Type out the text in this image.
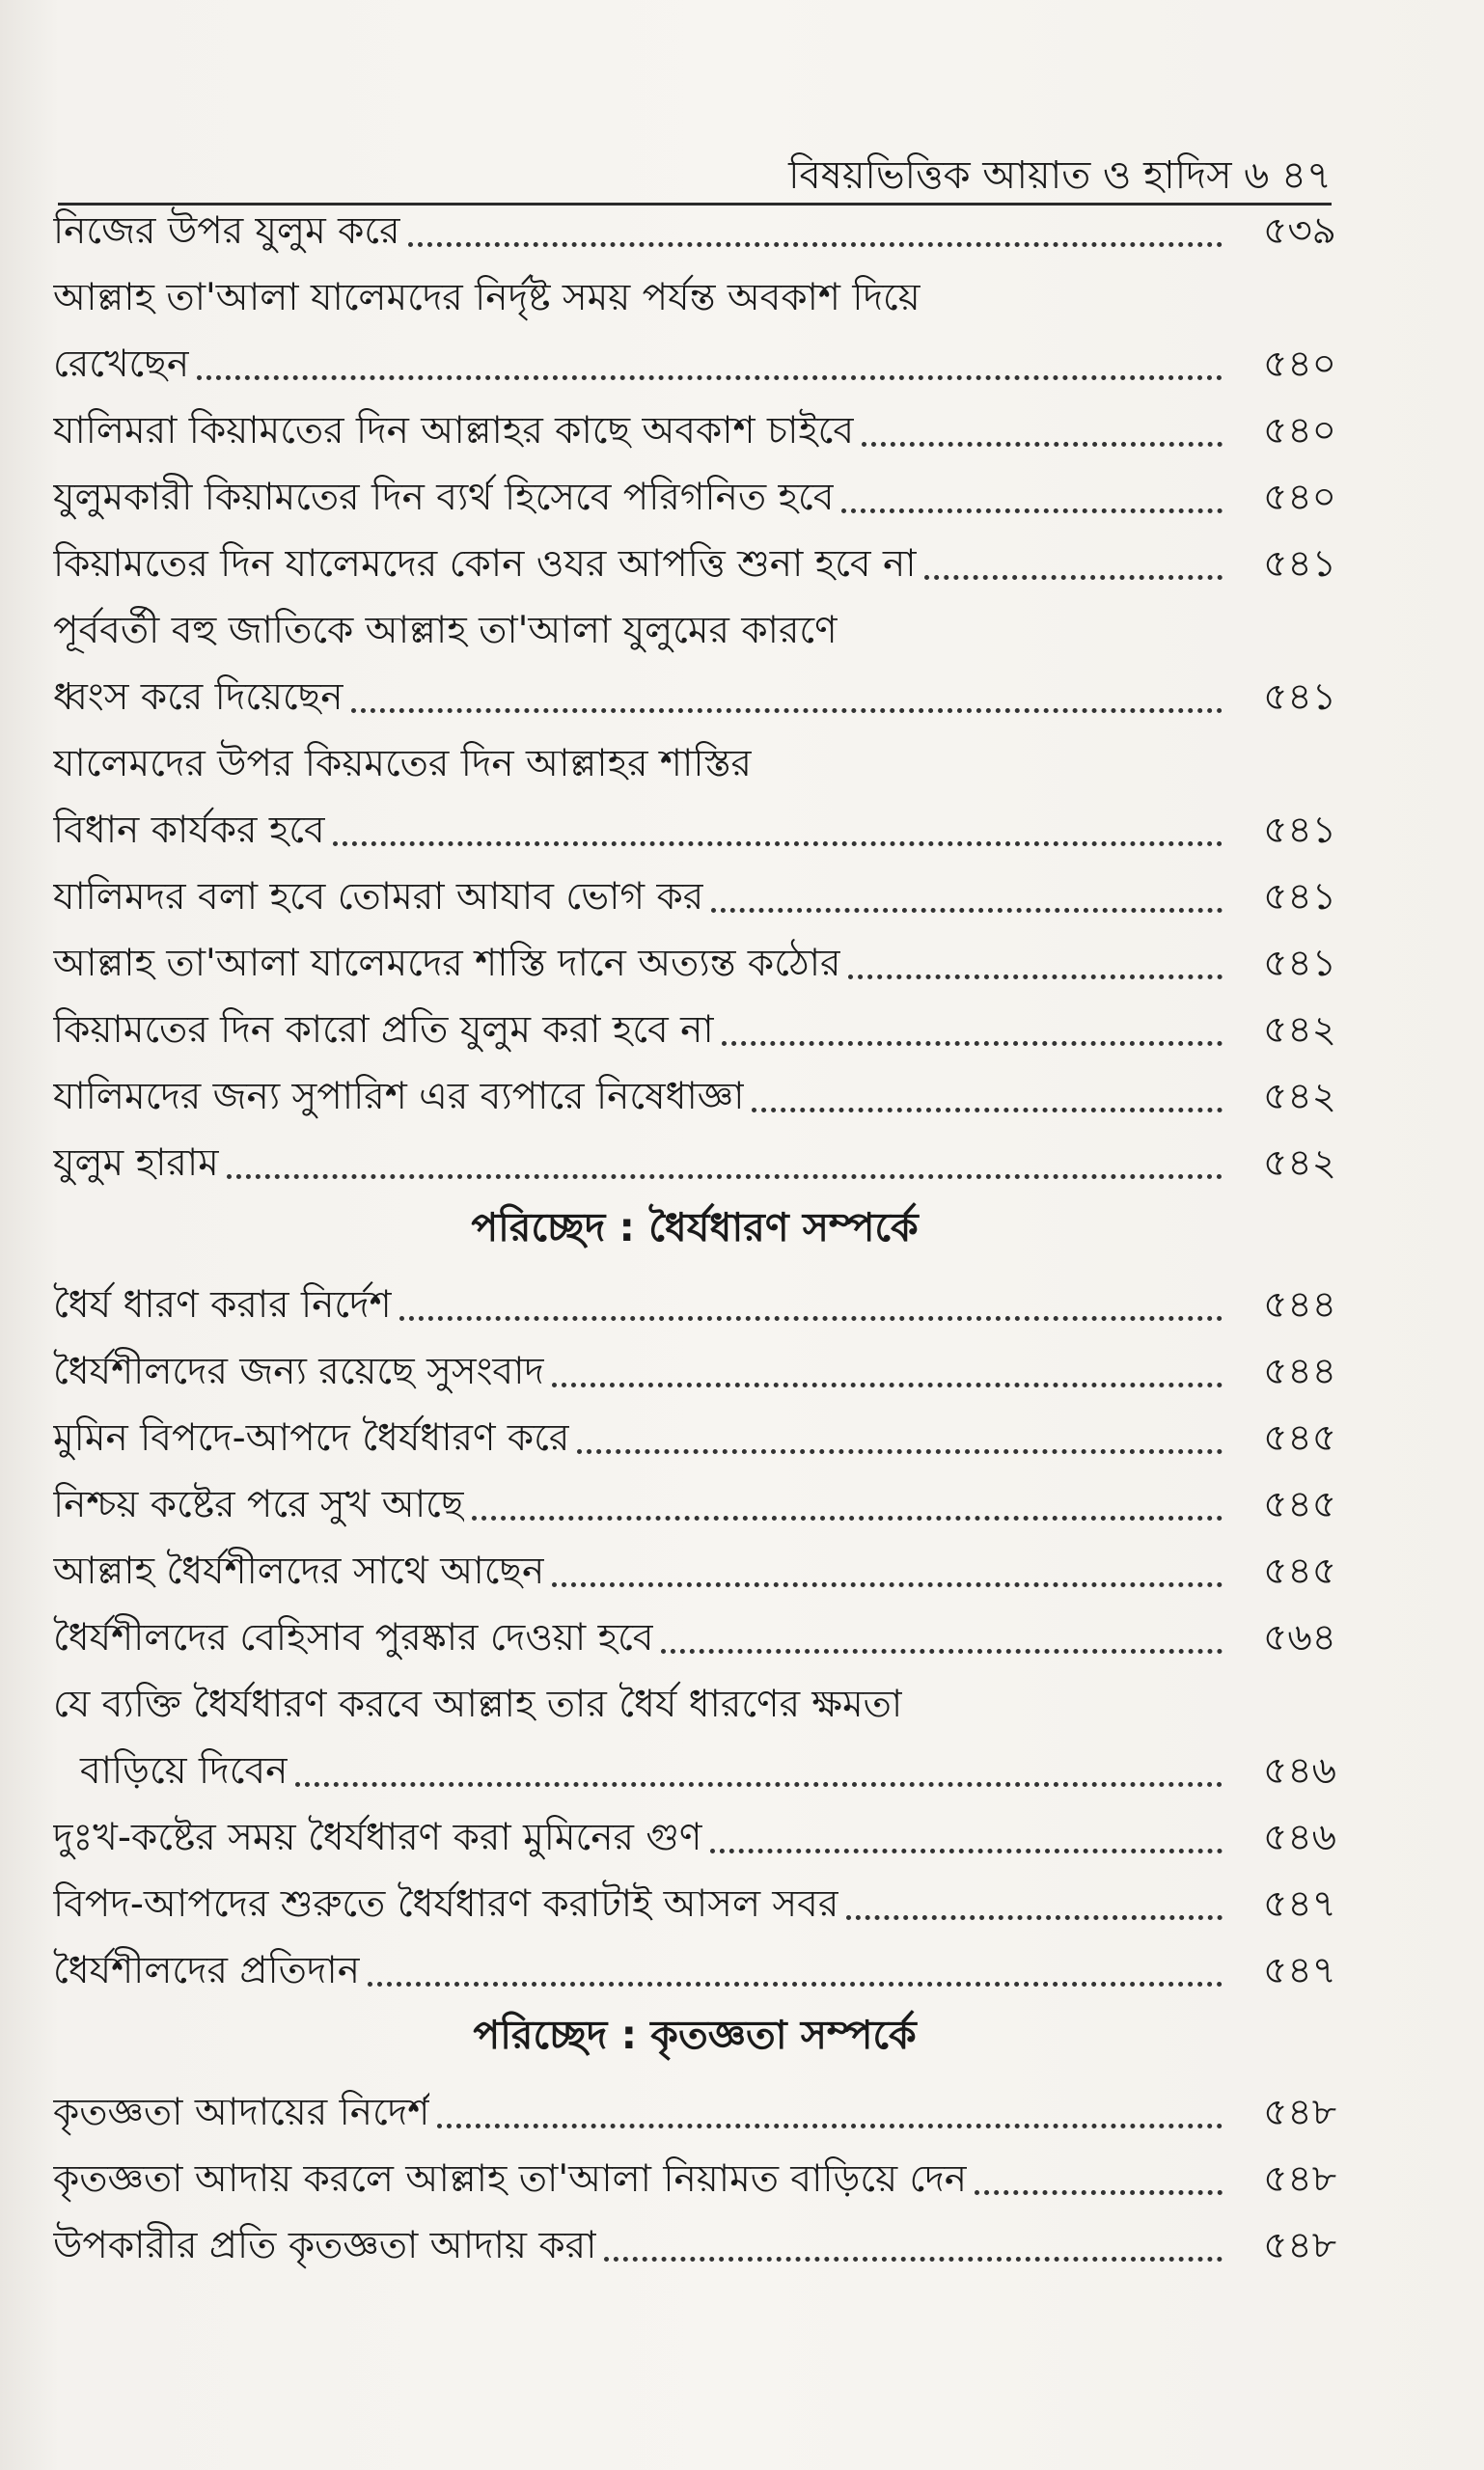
বিষয়ভিত্তিক আয়াত ও হাদিস ৬ ৪৭
নিজের উপর যুলুম করে	৫৩৯
আল্লাহ তা'আলা যালেমদের নির্দৃষ্ট সময় পর্যন্ত অবকাশ দিয়ে
রেখেছেন	৫৪০
যালিমরা কিয়ামতের দিন আল্লাহর কাছে অবকাশ চাইবে	৫৪০
যুলুমকারী কিয়ামতের দিন ব্যর্থ হিসেবে পরিগনিত হবে	৫৪০
কিয়ামতের দিন যালেমদের কোন ওযর আপত্তি শুনা হবে না	৫৪১
পূর্ববর্তী বহু জাতিকে আল্লাহ তা'আলা যুলুমের কারণে
ধ্বংস করে দিয়েছেন	৫৪১
যালেমদের উপর কিয়মতের দিন আল্লাহর শাস্তির
বিধান কার্যকর হবে	৫৪১
যালিমদর বলা হবে তোমরা আযাব ভোগ কর	৫৪১
আল্লাহ তা'আলা যালেমদের শাস্তি দানে অত্যন্ত কঠোর	৫৪১
কিয়ামতের দিন কারো প্রতি যুলুম করা হবে না	৫৪২
যালিমদের জন্য সুপারিশ এর ব্যপারে নিষেধাজ্ঞা	৫৪২
যুলুম হারাম	৫৪২
পরিচ্ছেদ : ধৈর্যধারণ সম্পর্কে
ধৈর্য ধারণ করার নির্দেশ	৫৪৪
ধৈর্যশীলদের জন্য রয়েছে সুসংবাদ	৫৪৪
মুমিন বিপদে-আপদে ধৈর্যধারণ করে	৫৪৫
নিশ্চয় কষ্টের পরে সুখ আছে	৫৪৫
আল্লাহ ধৈর্যশীলদের সাথে আছেন	৫৪৫
ধৈর্যশীলদের বেহিসাব পুরষ্কার দেওয়া হবে	৫৬৪
যে ব্যক্তি ধৈর্যধারণ করবে আল্লাহ তার ধৈর্য ধারণের ক্ষমতা
বাড়িয়ে দিবেন	৫৪৬
দুঃখ-কষ্টের সময় ধৈর্যধারণ করা মুমিনের গুণ	৫৪৬
বিপদ-আপদের শুরুতে ধৈর্যধারণ করাটাই আসল সবর	৫৪৭
ধৈর্যশীলদের প্রতিদান	৫৪৭
পরিচ্ছেদ : কৃতজ্ঞতা সম্পর্কে
কৃতজ্ঞতা আদায়ের নিদের্শ	৫৪৮
কৃতজ্ঞতা আদায় করলে আল্লাহ তা'আলা নিয়ামত বাড়িয়ে দেন	৫৪৮
উপকারীর প্রতি কৃতজ্ঞতা আদায় করা	৫৪৮
